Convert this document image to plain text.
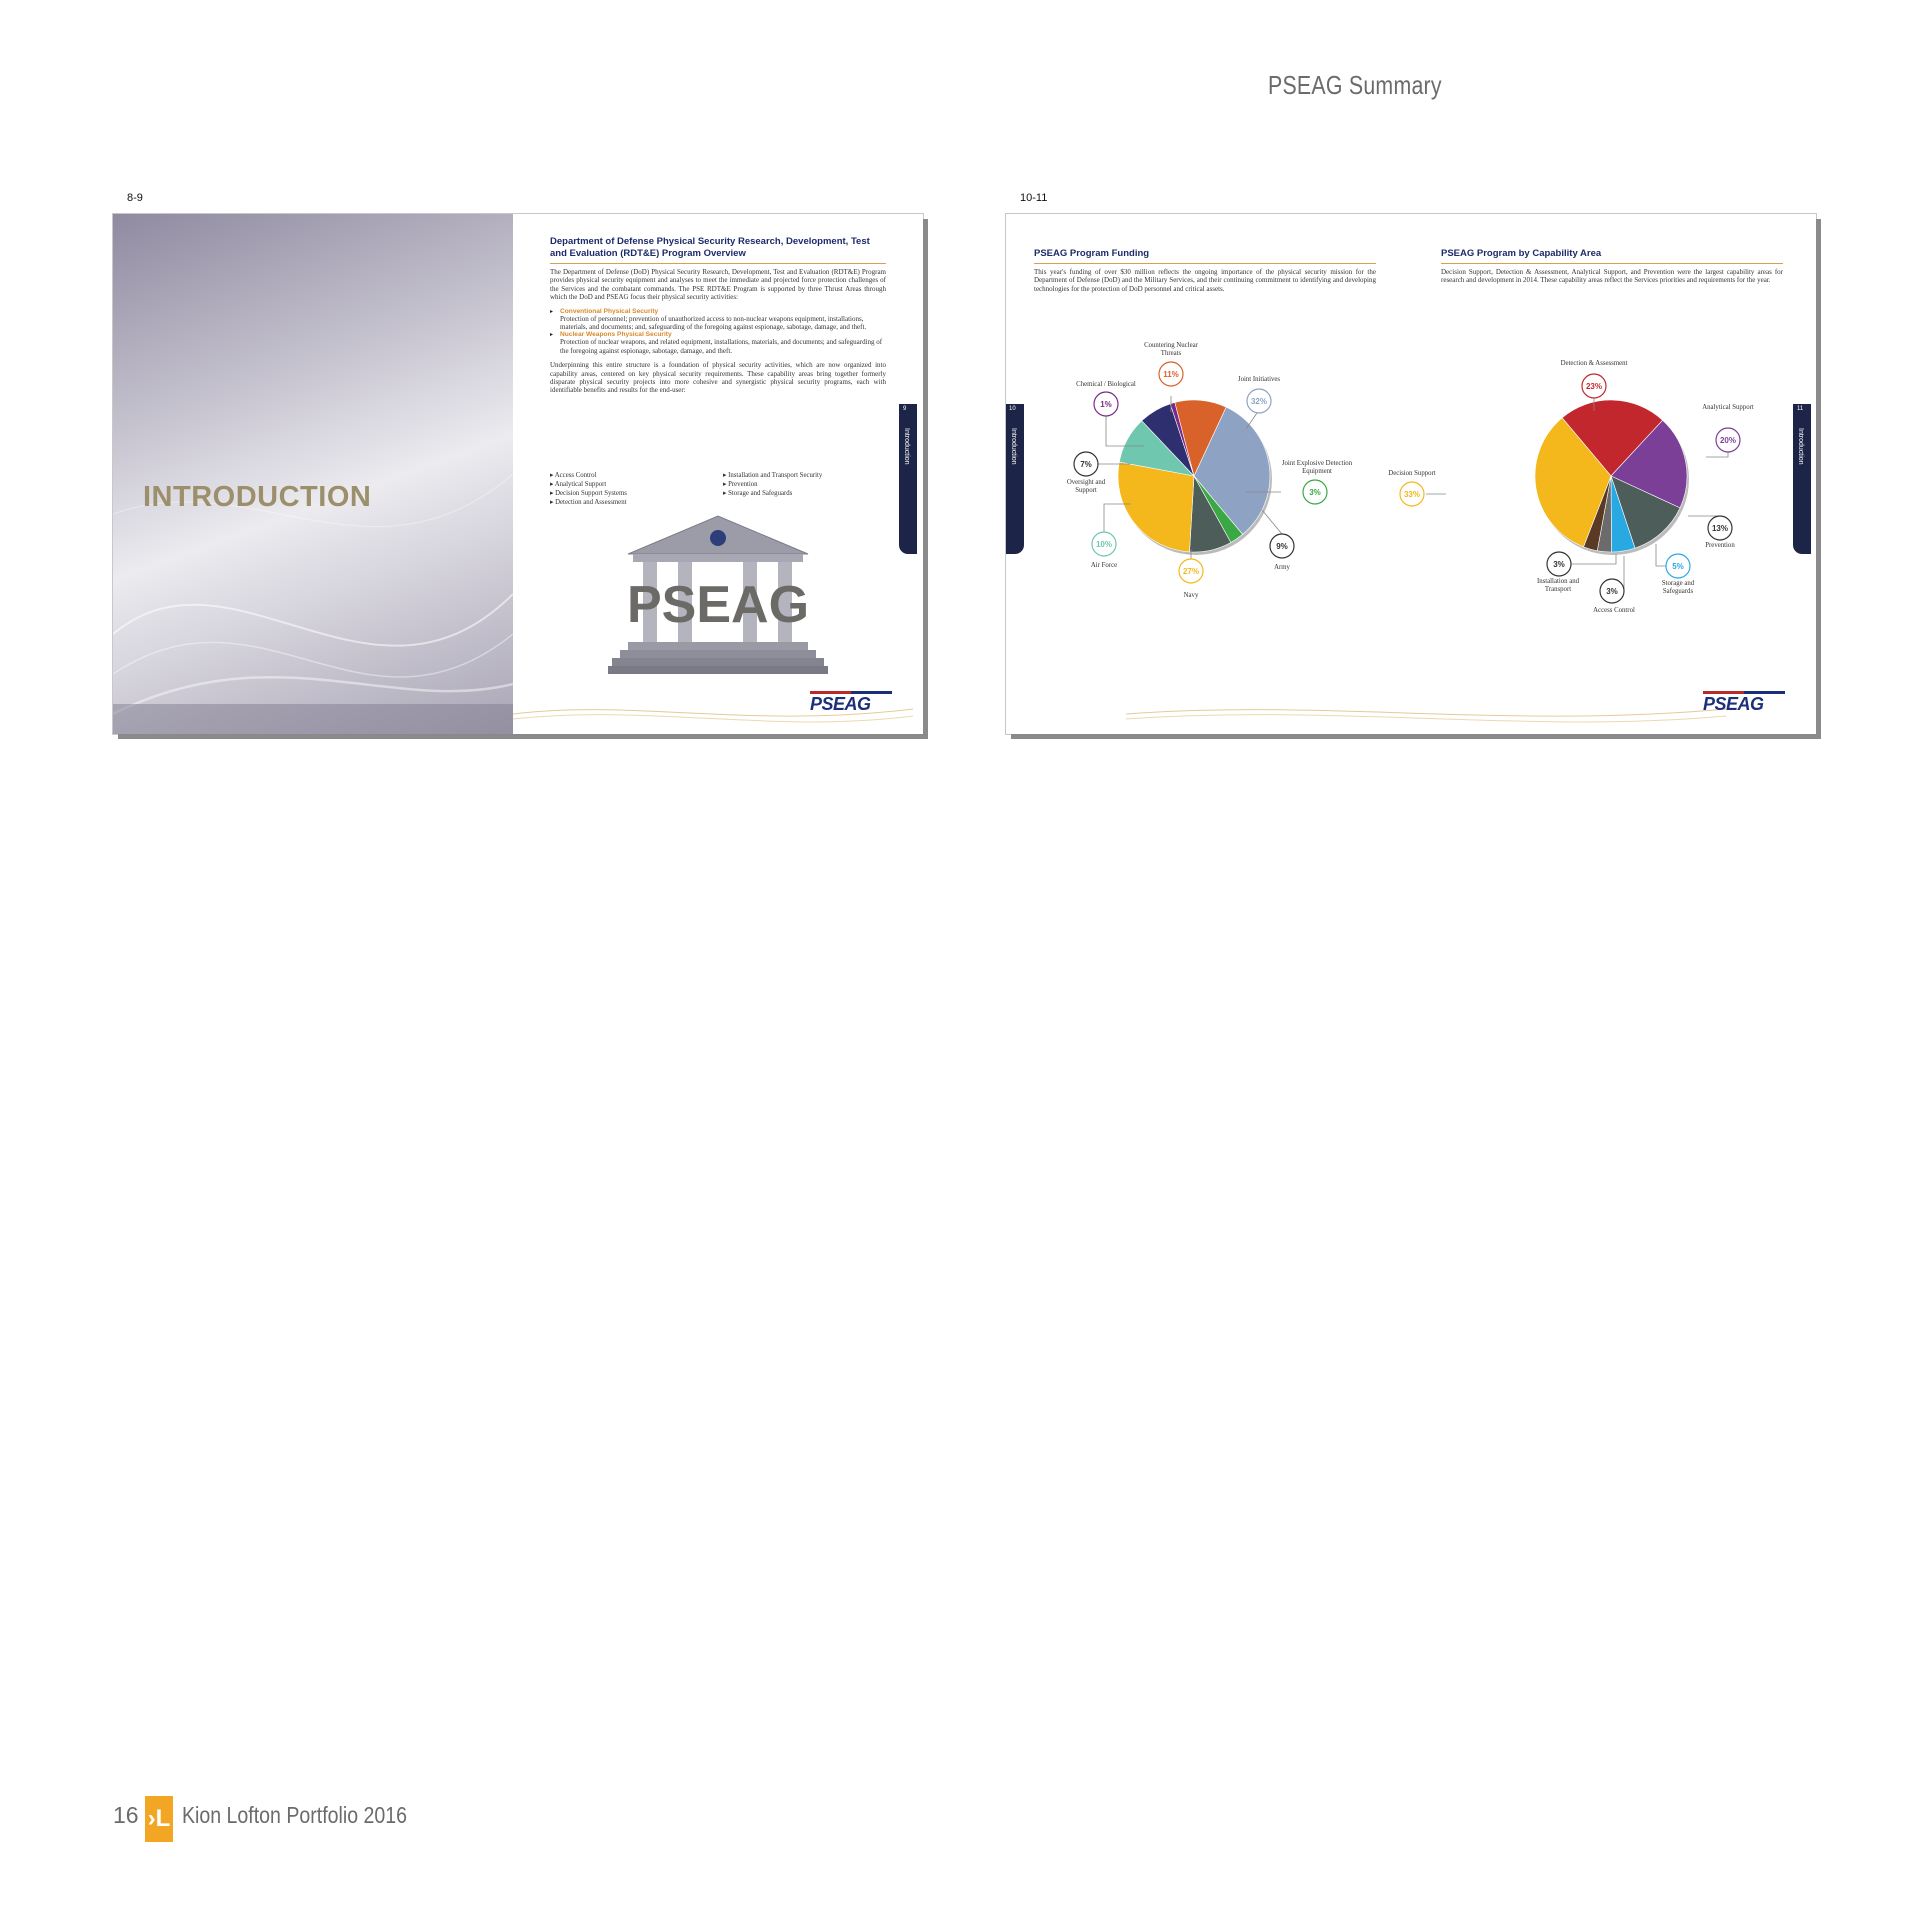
PSEAG Summary
8-9
INTRODUCTION
Department of Defense Physical Security Research, Development, Test and Evaluation (RDT&E) Program Overview
The Department of Defense (DoD) Physical Security Research, Development, Test and Evaluation (RDT&E) Program provides physical security equipment and analyses to meet the immediate and projected force protection challenges of the Services and the combatant commands. The PSE RDT&E Program is supported by three Thrust Areas through which the DoD and PSEAG focus their physical security activities:
▸ Conventional Physical Security
Protection of personnel; prevention of unauthorized access to non-nuclear weapons equipment, installations, materials, and documents; and, safeguarding of the foregoing against espionage, sabotage, damage, and theft.
▸ Nuclear Weapons Physical Security
Protection of nuclear weapons, and related equipment, installations, materials, and documents; and safeguarding of the foregoing against espionage, sabotage, damage, and theft.
Underpinning this entire structure is a foundation of physical security activities, which are now organized into capability areas, centered on key physical security requirements. These capability areas bring together formerly disparate physical security projects into more cohesive and synergistic physical security programs, each with identifiable benefits and results for the end-user:
▸ Access Control
▸ Analytical Support
▸ Decision Support Systems
▸ Detection and Assessment
▸ Installation and Transport Security
▸ Prevention
▸ Storage and Safeguards
PSEAG
9
Introduction
PSEAG
10-11
10
Introduction
11
Introduction
PSEAG Program Funding
This year's funding of over $30 million reflects the ongoing importance of the physical security mission for the Department of Defense (DoD) and the Military Services, and their continuing commitment to identifying and developing technologies for the protection of DoD personnel and critical assets.
PSEAG Program by Capability Area
Decision Support, Detection & Assessment, Analytical Support, and Prevention were the largest capability areas for research and development in 2014. These capability areas reflect the Services priorities and requirements for the year.
11%
32%
1%
7%
3%
10%
27%
9%
Countering Nuclear Threats
Joint Initiatives
Chemical / Biological
Oversight and Support
Joint Explosive Detection Equipment
Air Force
Navy
Army
23%
20%
33%
13%
5%
3%
3%
Detection & Assessment
Analytical Support
Decision Support
Prevention
Storage and Safeguards
Installation and Transport
Access Control
PSEAG
16 ›L Kion Lofton Portfolio 2016
